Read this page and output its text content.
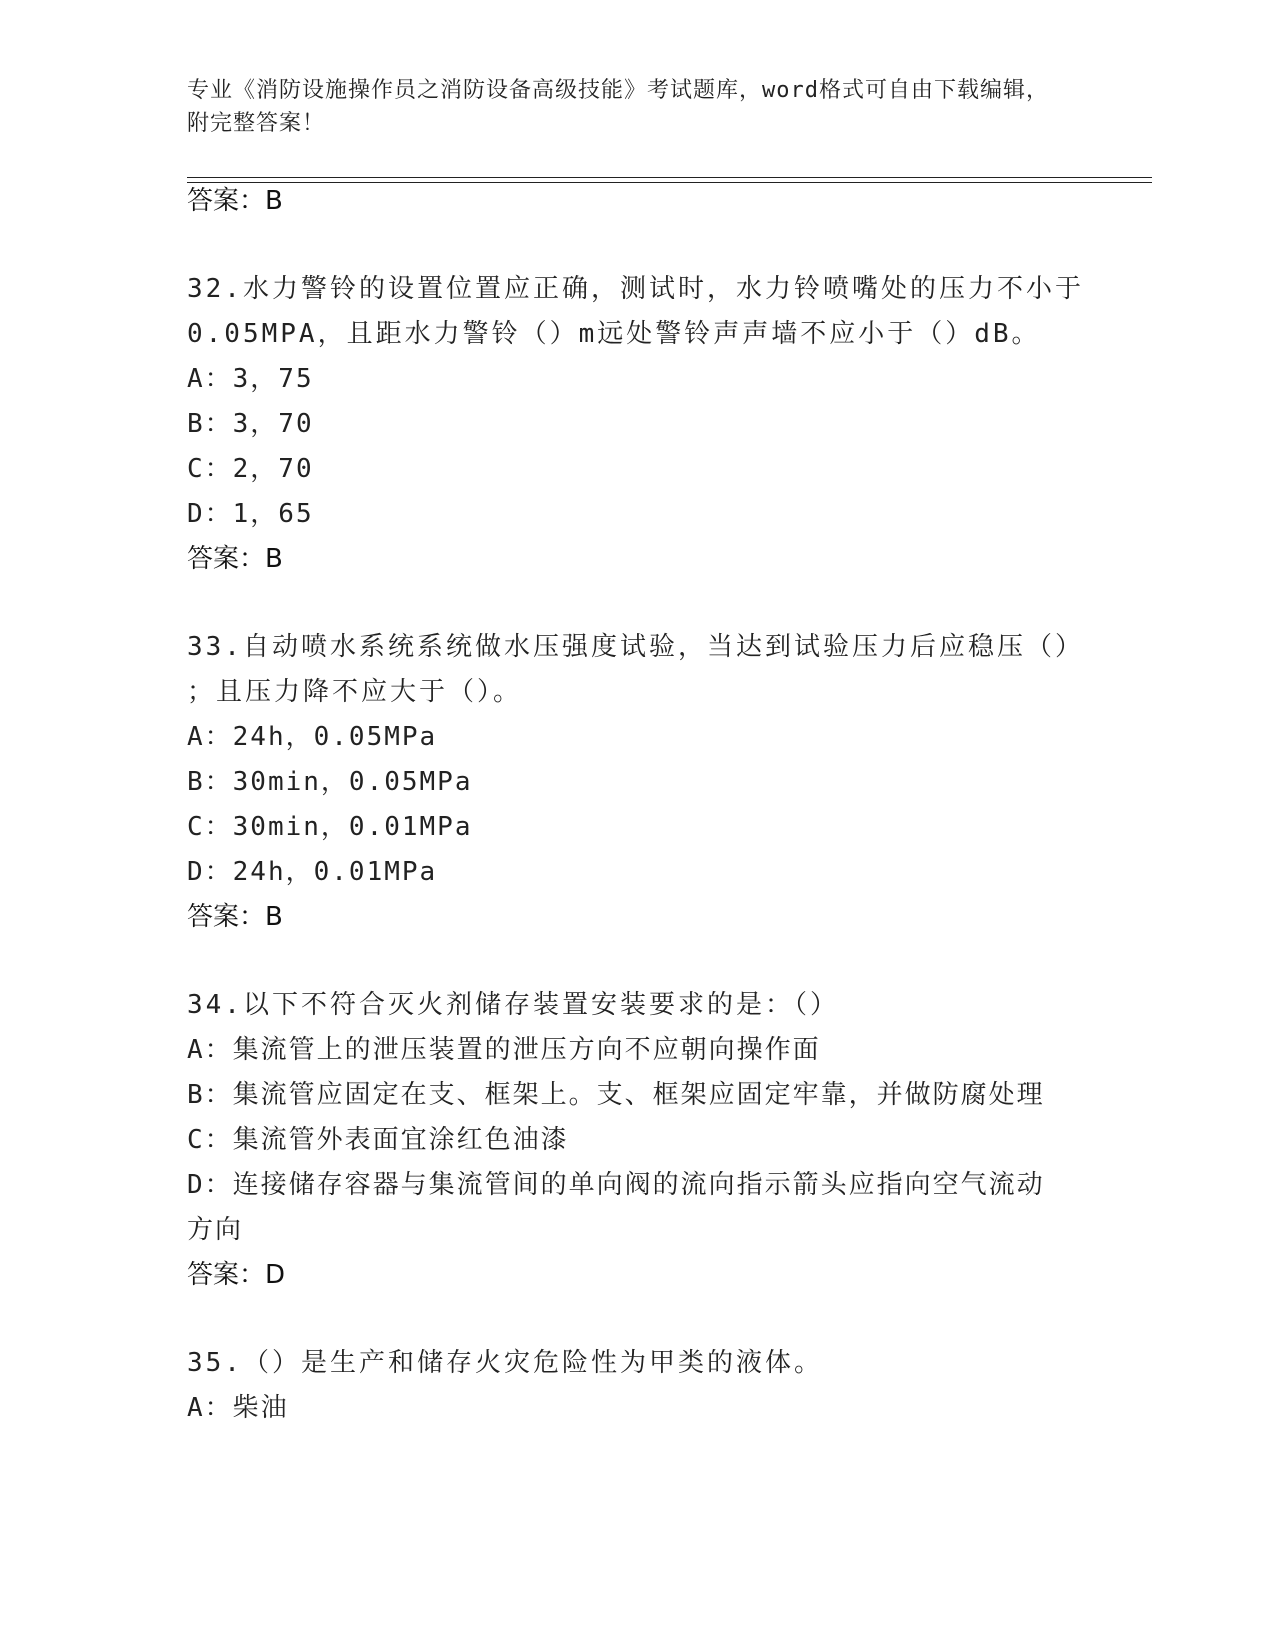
专业《消防设施操作员之消防设备高级技能》考试题库，word格式可自由下载编辑，附完整答案！
答案：B
32.水力警铃的设置位置应正确，测试时，水力铃喷嘴处的压力不小于
0.05MPA，且距水力警铃（）m远处警铃声声墙不应小于（）dB。
A：3，75
B：3，70
C：2，70
D：1，65
答案：B
33.自动喷水系统系统做水压强度试验，当达到试验压力后应稳压（）
；且压力降不应大于（）。
A：24h，0.05MPa
B：30min，0.05MPa
C：30min，0.01MPa
D：24h，0.01MPa
答案：B
34.以下不符合灭火剂储存装置安装要求的是：（）
A：集流管上的泄压装置的泄压方向不应朝向操作面
B：集流管应固定在支、框架上。支、框架应固定牢靠，并做防腐处理
C：集流管外表面宜涂红色油漆
D：连接储存容器与集流管间的单向阀的流向指示箭头应指向空气流动
方向
答案：D
35.（）是生产和储存火灾危险性为甲类的液体。
A：柴油
